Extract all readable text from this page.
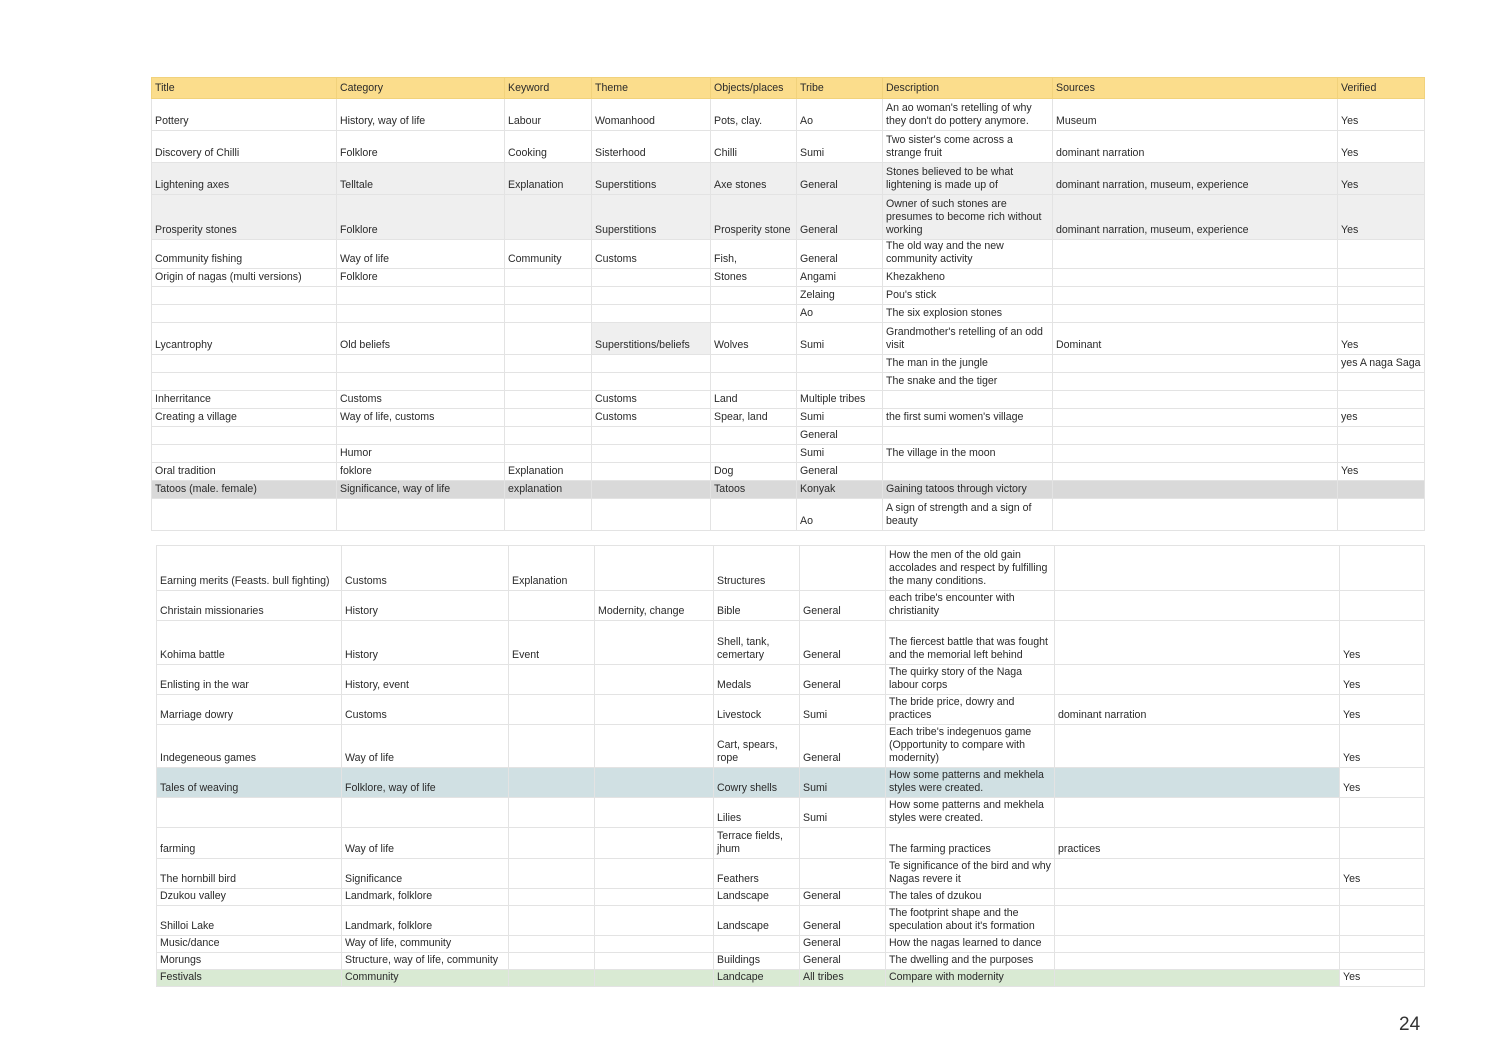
Title	Category	Keyword	Theme	Objects/places	Tribe	Description	Sources	Verified
Pottery	History, way of life	Labour	Womanhood	Pots, clay.	Ao	An ao woman's retelling of why they don't do pottery anymore.	Museum	Yes
Discovery of Chilli	Folklore	Cooking	Sisterhood	Chilli	Sumi	Two sister's come across a strange fruit	dominant narration	Yes
Lightening axes	Telltale	Explanation	Superstitions	Axe stones	General	Stones believed to be what lightening is made up of	dominant narration, museum, experience	Yes
Prosperity stones	Folklore		Superstitions	Prosperity stone	General	Owner of such stones are presumes to become rich without working	dominant narration, museum, experience	Yes
Community fishing	Way of life	Community	Customs	Fish,	General	The old way and the new community activity		
Origin of nagas (multi versions)	Folklore			Stones	Angami	Khezakheno		
					Zelaing	Pou's stick		
					Ao	The six explosion stones		
Lycantrophy	Old beliefs		Superstitions/beliefs	Wolves	Sumi	Grandmother's retelling of an odd visit	Dominant	Yes
						The man in the jungle		yes A naga Saga
						The snake and the tiger		
Inherritance	Customs		Customs	Land	Multiple tribes			
Creating a village	Way of life, customs		Customs	Spear, land	Sumi	the first sumi women's village		yes
					General			
	Humor				Sumi	The village in the moon		
Oral tradition	foklore	Explanation		Dog	General			Yes
Tatoos (male. female)	Significance, way of life	explanation		Tatoos	Konyak	Gaining tatoos through victory		
					Ao	A sign of strength and a sign of beauty		
Earning merits (Feasts. bull fighting)	Customs	Explanation		Structures		How the men of the old gain accolades and respect by fulfilling the many conditions.		
Christain missionaries	History		Modernity, change	Bible	General	each tribe's encounter with christianity		
Kohima battle	History	Event		Shell, tank, cemertary	General	The fiercest battle that was fought and the memorial left behind		Yes
Enlisting in the war	History, event			Medals	General	The quirky story of the Naga labour corps		Yes
Marriage dowry	Customs			Livestock	Sumi	The bride price, dowry and practices	dominant narration	Yes
Indegeneous games	Way of life			Cart, spears, rope	General	Each tribe's indegenuos game (Opportunity to compare with modernity)		Yes
Tales of weaving	Folklore, way of life			Cowry shells	Sumi	How some patterns and mekhela styles were created.		Yes
				Lilies	Sumi	How some patterns and mekhela styles were created.		
farming	Way of life			Terrace fields, jhum		The farming practices	practices	
The hornbill bird	Significance			Feathers		Te significance of the bird and why Nagas revere it		Yes
Dzukou valley	Landmark, folklore			Landscape	General	The tales of dzukou		
Shilloi Lake	Landmark, folklore			Landscape	General	The footprint shape and the speculation about it's formation		
Music/dance	Way of life, community				General	How the nagas learned to dance		
Morungs	Structure, way of life, community			Buildings	General	The dwelling and the purposes		
Festivals	Community			Landcape	All tribes	Compare with modernity		Yes
24
